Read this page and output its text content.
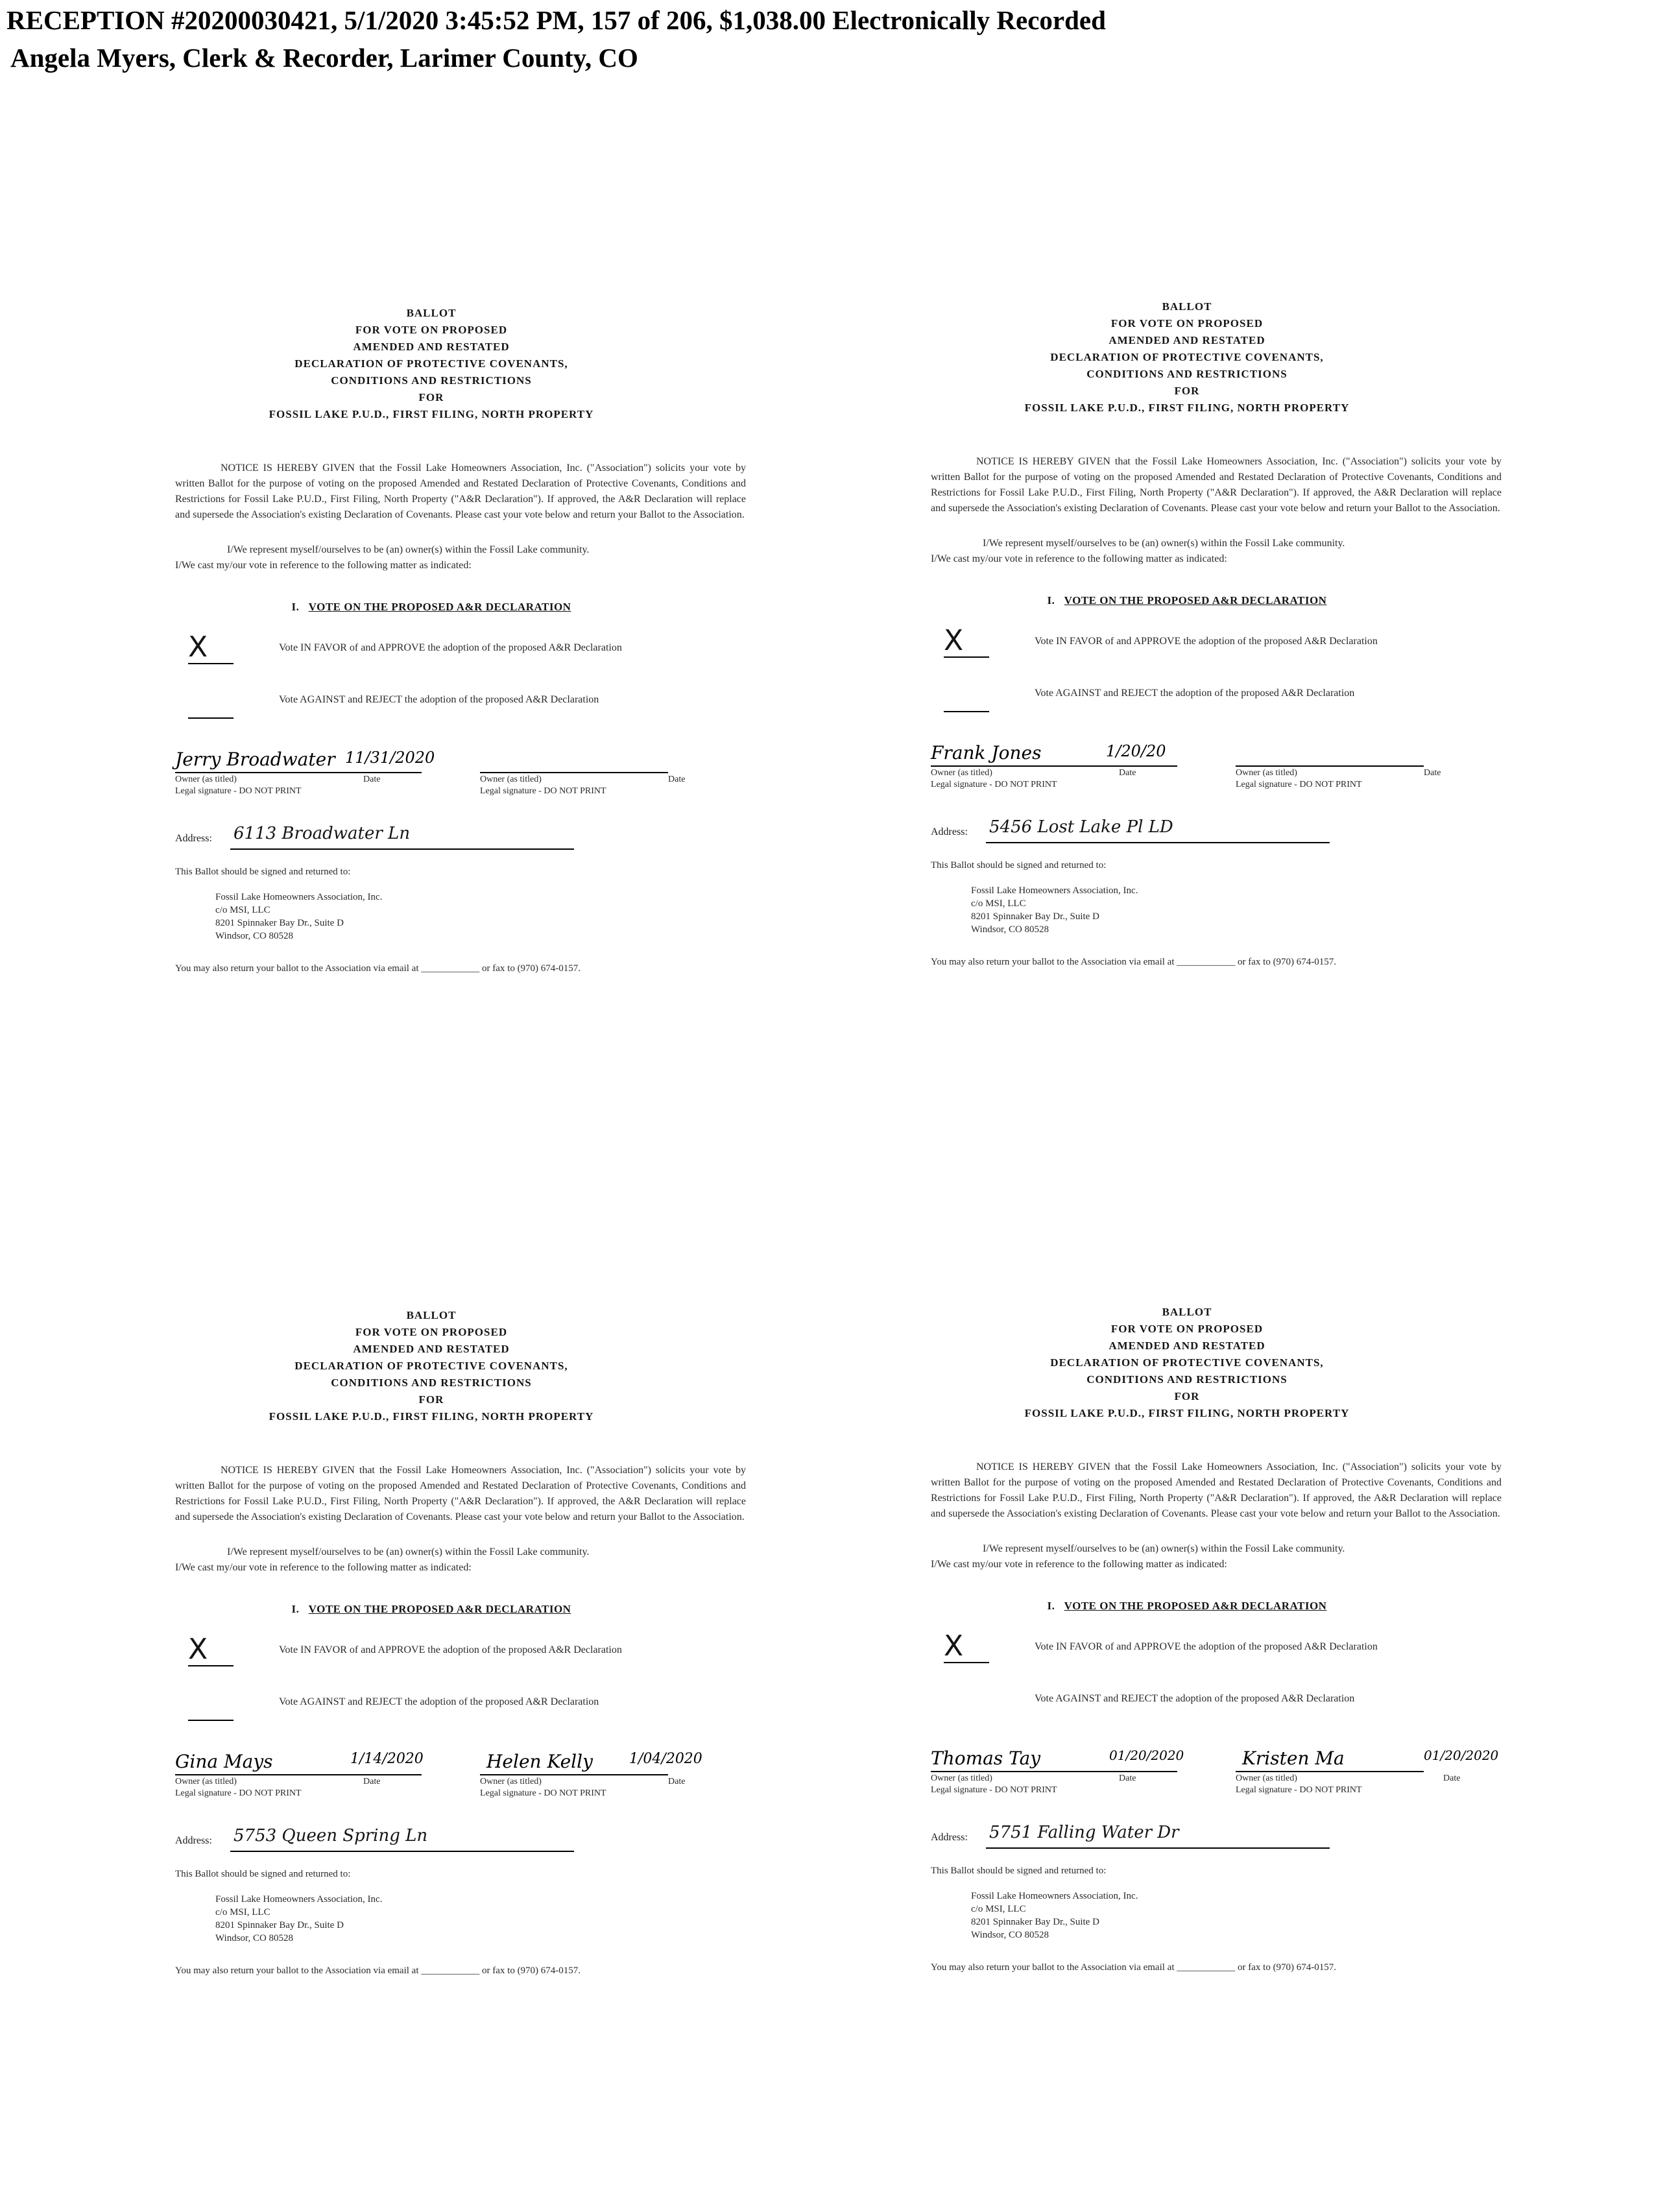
RECEPTION #20200030421, 5/1/2020 3:45:52 PM, 157 of 206, $1,038.00 Electronically Recorded
Angela Myers, Clerk & Recorder, Larimer County, CO
BALLOT
FOR VOTE ON PROPOSED
AMENDED AND RESTATED
DECLARATION OF PROTECTIVE COVENANTS,
CONDITIONS AND RESTRICTIONS
FOR
FOSSIL LAKE P.U.D., FIRST FILING, NORTH PROPERTY
NOTICE IS HEREBY GIVEN that the Fossil Lake Homeowners Association, Inc. ("Association") solicits your vote by written Ballot for the purpose of voting on the proposed Amended and Restated Declaration of Protective Covenants, Conditions and Restrictions for Fossil Lake P.U.D., First Filing, North Property ("A&R Declaration"). If approved, the A&R Declaration will replace and supersede the Association's existing Declaration of Covenants. Please cast your vote below and return your Ballot to the Association.
I/We represent myself/ourselves to be (an) owner(s) within the Fossil Lake community.
I/We cast my/our vote in reference to the following matter as indicated:
I. VOTE ON THE PROPOSED A&R DECLARATION
X	Vote IN FAVOR of and APPROVE the adoption of the proposed A&R Declaration
Vote AGAINST and REJECT the adoption of the proposed A&R Declaration
Jerry Broadwater 11/31/2020
Owner (as titled)	Date
Legal signature - DO NOT PRINT
Owner (as titled)	Date
Legal signature - DO NOT PRINT
Address: 6113 Broadwater Ln
This Ballot should be signed and returned to:
Fossil Lake Homeowners Association, Inc.
c/o MSI, LLC
8201 Spinnaker Bay Dr., Suite D
Windsor, CO 80528
You may also return your ballot to the Association via email at ____________ or fax to (970) 674-0157.
BALLOT
FOR VOTE ON PROPOSED
AMENDED AND RESTATED
DECLARATION OF PROTECTIVE COVENANTS,
CONDITIONS AND RESTRICTIONS
FOR
FOSSIL LAKE P.U.D., FIRST FILING, NORTH PROPERTY
NOTICE IS HEREBY GIVEN that the Fossil Lake Homeowners Association, Inc. ("Association") solicits your vote by written Ballot for the purpose of voting on the proposed Amended and Restated Declaration of Protective Covenants, Conditions and Restrictions for Fossil Lake P.U.D., First Filing, North Property ("A&R Declaration"). If approved, the A&R Declaration will replace and supersede the Association's existing Declaration of Covenants. Please cast your vote below and return your Ballot to the Association.
I/We represent myself/ourselves to be (an) owner(s) within the Fossil Lake community.
I/We cast my/our vote in reference to the following matter as indicated:
I. VOTE ON THE PROPOSED A&R DECLARATION
X	Vote IN FAVOR of and APPROVE the adoption of the proposed A&R Declaration
Vote AGAINST and REJECT the adoption of the proposed A&R Declaration
Frank Jones	1/20/20
Owner (as titled)	Date
Legal signature - DO NOT PRINT
Owner (as titled)	Date
Legal signature - DO NOT PRINT
Address: 5456 Lost Lake Pl LD
This Ballot should be signed and returned to:
Fossil Lake Homeowners Association, Inc.
c/o MSI, LLC
8201 Spinnaker Bay Dr., Suite D
Windsor, CO 80528
You may also return your ballot to the Association via email at ____________ or fax to (970) 674-0157.
BALLOT
FOR VOTE ON PROPOSED
AMENDED AND RESTATED
DECLARATION OF PROTECTIVE COVENANTS,
CONDITIONS AND RESTRICTIONS
FOR
FOSSIL LAKE P.U.D., FIRST FILING, NORTH PROPERTY
NOTICE IS HEREBY GIVEN that the Fossil Lake Homeowners Association, Inc. ("Association") solicits your vote by written Ballot for the purpose of voting on the proposed Amended and Restated Declaration of Protective Covenants, Conditions and Restrictions for Fossil Lake P.U.D., First Filing, North Property ("A&R Declaration"). If approved, the A&R Declaration will replace and supersede the Association's existing Declaration of Covenants. Please cast your vote below and return your Ballot to the Association.
I/We represent myself/ourselves to be (an) owner(s) within the Fossil Lake community.
I/We cast my/our vote in reference to the following matter as indicated:
I. VOTE ON THE PROPOSED A&R DECLARATION
X	Vote IN FAVOR of and APPROVE the adoption of the proposed A&R Declaration
Vote AGAINST and REJECT the adoption of the proposed A&R Declaration
Gina Mays	1/14/2020
Owner (as titled)	Date
Legal signature - DO NOT PRINT
Helen Kelly	1/04/2020
Owner (as titled)	Date
Legal signature - DO NOT PRINT
Address: 5753 Queen Spring Ln
This Ballot should be signed and returned to:
Fossil Lake Homeowners Association, Inc.
c/o MSI, LLC
8201 Spinnaker Bay Dr., Suite D
Windsor, CO 80528
You may also return your ballot to the Association via email at ____________ or fax to (970) 674-0157.
BALLOT
FOR VOTE ON PROPOSED
AMENDED AND RESTATED
DECLARATION OF PROTECTIVE COVENANTS,
CONDITIONS AND RESTRICTIONS
FOR
FOSSIL LAKE P.U.D., FIRST FILING, NORTH PROPERTY
NOTICE IS HEREBY GIVEN that the Fossil Lake Homeowners Association, Inc. ("Association") solicits your vote by written Ballot for the purpose of voting on the proposed Amended and Restated Declaration of Protective Covenants, Conditions and Restrictions for Fossil Lake P.U.D., First Filing, North Property ("A&R Declaration"). If approved, the A&R Declaration will replace and supersede the Association's existing Declaration of Covenants. Please cast your vote below and return your Ballot to the Association.
I/We represent myself/ourselves to be (an) owner(s) within the Fossil Lake community.
I/We cast my/our vote in reference to the following matter as indicated:
I. VOTE ON THE PROPOSED A&R DECLARATION
X	Vote IN FAVOR of and APPROVE the adoption of the proposed A&R Declaration
Vote AGAINST and REJECT the adoption of the proposed A&R Declaration
Thomas Tay	01/20/2020
Owner (as titled)	Date
Legal signature - DO NOT PRINT
Kristen Ma	01/20/2020
Owner (as titled)	Date
Legal signature - DO NOT PRINT
Address: 5751 Falling Water Dr
This Ballot should be signed and returned to:
Fossil Lake Homeowners Association, Inc.
c/o MSI, LLC
8201 Spinnaker Bay Dr., Suite D
Windsor, CO 80528
You may also return your ballot to the Association via email at ____________ or fax to (970) 674-0157.
